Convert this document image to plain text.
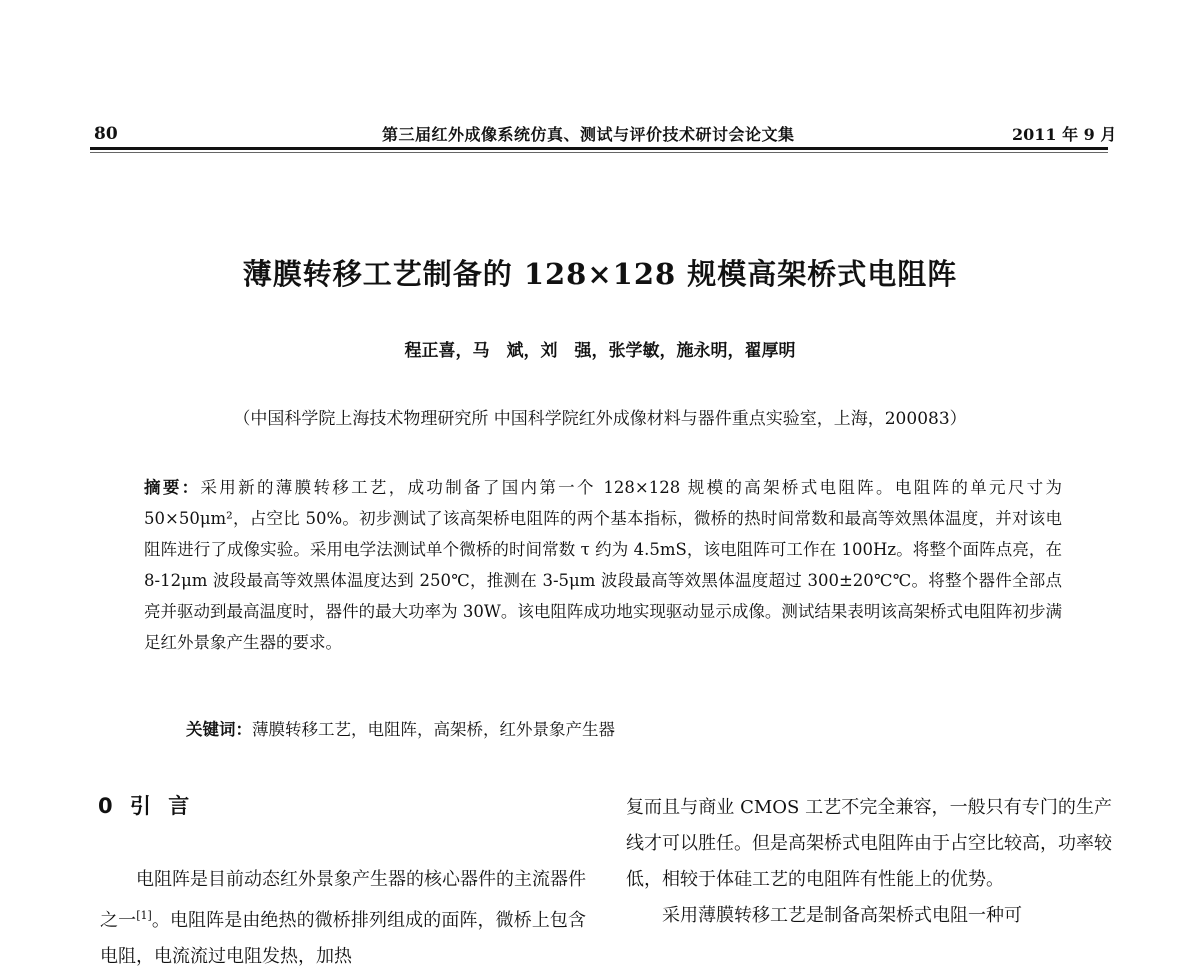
80	第三届红外成像系统仿真、测试与评价技术研讨会论文集	2011 年 9 月
薄膜转移工艺制备的 128×128 规模高架桥式电阻阵
程正喜，马　斌，刘　强，张学敏，施永明，翟厚明
（中国科学院上海技术物理研究所 中国科学院红外成像材料与器件重点实验室，上海，200083）
摘要：采用新的薄膜转移工艺，成功制备了国内第一个 128×128 规模的高架桥式电阻阵。电阻阵的单元尺寸为 50×50μm²，占空比 50%。初步测试了该高架桥电阻阵的两个基本指标，微桥的热时间常数和最高等效黑体温度，并对该电阻阵进行了成像实验。采用电学法测试单个微桥的时间常数 τ 约为 4.5mS，该电阻阵可工作在 100Hz。将整个面阵点亮，在 8-12μm 波段最高等效黑体温度达到 250℃，推测在 3-5μm 波段最高等效黑体温度超过 300±20℃℃。将整个器件全部点亮并驱动到最高温度时，器件的最大功率为 30W。该电阻阵成功地实现驱动显示成像。测试结果表明该高架桥式电阻阵初步满足红外景象产生器的要求。
关键词：薄膜转移工艺，电阻阵，高架桥，红外景象产生器
0 引 言

电阻阵是目前动态红外景象产生器的核心器件的主流器件之一[1]。电阻阵是由绝热的微桥排列组成的面阵，微桥上包含电阻，电流流过电阻发热，加热

复而且与商业 CMOS 工艺不完全兼容，一般只有专门的生产线才可以胜任。但是高架桥式电阻阵由于占空比较高，功率较低，相较于体硅工艺的电阻阵有性能上的优势。

采用薄膜转移工艺是制备高架桥式电阻一种可
